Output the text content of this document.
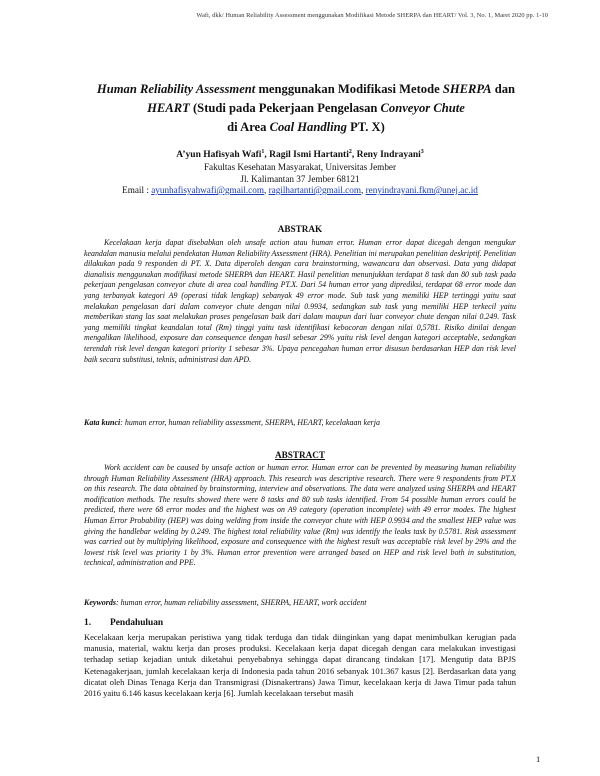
Wafi, dkk/ Human Reliability Assessment menggunakan Modifikasi Metode SHERPA dan HEART/ Vol. 3, No. 1, Maret 2020 pp. 1-10
Human Reliability Assessment menggunakan Modifikasi Metode SHERPA dan
HEART (Studi pada Pekerjaan Pengelasan Conveyor Chute
di Area Coal Handling PT. X)
A’yun Hafisyah Wafi$^1$, Ragil Ismi Hartanti$^2$, Reny Indrayani$^3$
Fakultas Kesehatan Masyarakat, Universitas Jember
Jl. Kalimantan 37 Jember 68121
Email : ayunhafisyahwafi@gmail.com, ragilhartanti@gmail.com, renyindrayani.fkm@unej.ac.id
ABSTRAK

Kecelakaan kerja dapat disebabkan oleh unsafe action atau human error. Human error dapat dicegah dengan mengukur keandalan manusia melalui pendekatan Human Reliability Assessment (HRA). Penelitian ini merupakan penelitian deskriptif. Penelitian dilakukan pada 9 responden di PT. X. Data diperoleh dengan cara brainstorming, wawancara dan observasi. Data yang didapat dianalisis menggunakan modifikasi metode SHERPA dan HEART. Hasil penelitian menunjukkan terdapat 8 task dan 80 sub task pada pekerjaan pengelasan conveyor chute di area coal handling PT.X. Dari 54 human error yang diprediksi, terdapat 68 error mode dan yang terbanyak kategori A9 (operasi tidak lengkap) sebanyak 49 error mode. Sub task yang memiliki HEP tertinggi yaitu saat melakukan pengelasan dari dalam conveyor chute dengan nilai 0.9934, sedangkan sub task yang memiliki HEP terkecil yaitu memberikan stang las saat melakukan proses pengelasan baik dari dalam maupun dari luar conveyor chute dengan nilai 0.249. Task yang memiliki tingkat keandalan total (Rm) tinggi yaitu task identifikasi kebocoran dengan nilai 0,5781. Risiko dinilai dengan mengalikan likelihood, exposure dan consequence dengan hasil sebesar 29% yaitu risk level dengan kategori acceptable, sedangkan terendah risk level dengan kategori priority 1 sebesar 3%. Upaya pencegahan human error disusun berdasarkan HEP dan risk level baik secara substitusi, teknis, administrasi dan APD.

Kata kunci: human error, human reliability assessment, SHERPA, HEART, kecelakaan kerja

ABSTRACT

Work accident can be caused by unsafe action or human error. Human error can be prevented by measuring human reliability through Human Reliability Assessment (HRA) approach. This research was descriptive research. There were 9 respondents from PT.X on this research. The data obtained by brainstorming, interview and observations. The data were analyzed using SHERPA and HEART modification methods. The results showed there were 8 tasks and 80 sub tasks identified. From 54 possible human errors could be predicted, there were 68 error modes and the highest was on A9 category (operation incomplete) with 49 error modes. The highest Human Error Probability (HEP) was doing welding from inside the conveyor chute with HEP 0.9934 and the smallest HEP value was giving the handlebar welding by 0.249. The highest total reliability value (Rm) was identify the leaks task by 0.5781. Risk assessment was carried out by multiplying likelihood, exposure and consequence with the highest result was acceptable risk level by 29% and the lowest risk level was priority 1 by 3%. Human error prevention were arranged based on HEP and risk level both in substitution, technical, administration and PPE.

Keywords: human error, human reliability assessment, SHERPA, HEART, work accident

1. Pendahuluan

Kecelakaan kerja merupakan peristiwa yang tidak terduga dan tidak diinginkan yang dapat menimbulkan kerugian pada manusia, material, waktu kerja dan proses produksi. Kecelakaan kerja dapat dicegah dengan cara melakukan investigasi terhadap setiap kejadian untuk diketahui penyebabnya sehingga dapat dirancang tindakan [17]. Mengutip data BPJS Ketenagakerjaan, jumlah kecelakaan kerja di Indonesia pada tahun 2016 sebanyak 101.367 kasus [2]. Berdasarkan data yang dicatat oleh Dinas Tenaga Kerja dan Transmigrasi (Disnakertrans) Jawa Timur, kecelakaan kerja di Jawa Timur pada tahun 2016 yaitu 6.146 kasus kecelakaan kerja [6]. Jumlah kecelakaan tersebut masih

1
